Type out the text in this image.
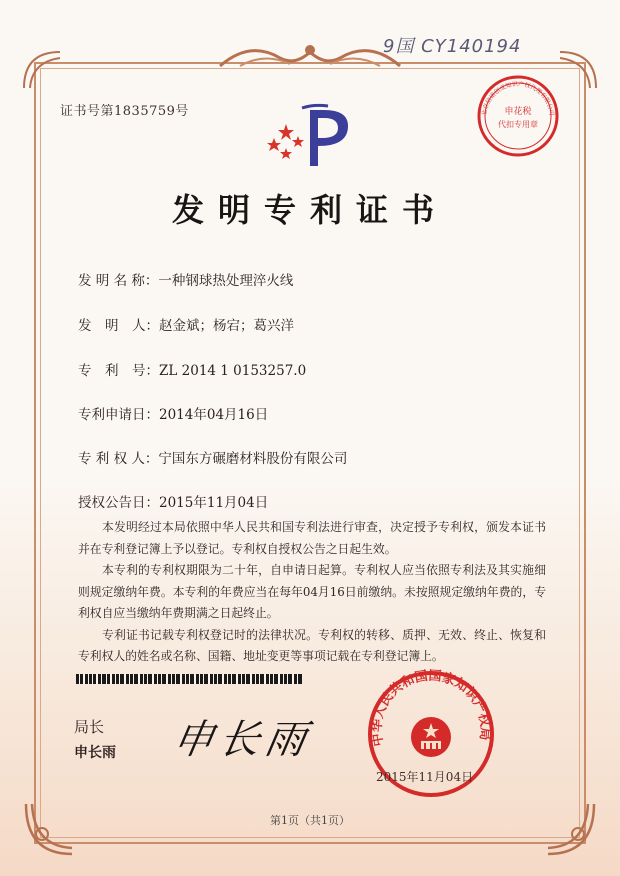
9国 CY140194
申花税
代扣专用章
北京信诺创成知识产权代理有限公司
证书号第1835759号
发明专利证书
发 明 名 称：一种钢球热处理淬火线
发　明　人：赵金斌；杨宕；葛兴洋
专　利　号：ZL 2014 1 0153257.0
专利申请日：2014年04月16日
专 利 权 人：宁国东方碾磨材料股份有限公司
授权公告日：2015年11月04日

本发明经过本局依照中华人民共和国专利法进行审查，决定授予专利权，颁发本证书并在专利登记簿上予以登记。专利权自授权公告之日起生效。

本专利的专利权期限为二十年，自申请日起算。专利权人应当依照专利法及其实施细则规定缴纳年费。本专利的年费应当在每年04月16日前缴纳。未按照规定缴纳年费的，专利权自应当缴纳年费期满之日起终止。

专利证书记载专利权登记时的法律状况。专利权的转移、质押、无效、终止、恢复和专利权人的姓名或名称、国籍、地址变更等事项记载在专利登记簿上。

局长
申长雨 申长雨	中华人民共和国国家知识产权局
2015年11月04日
第1页（共1页）
